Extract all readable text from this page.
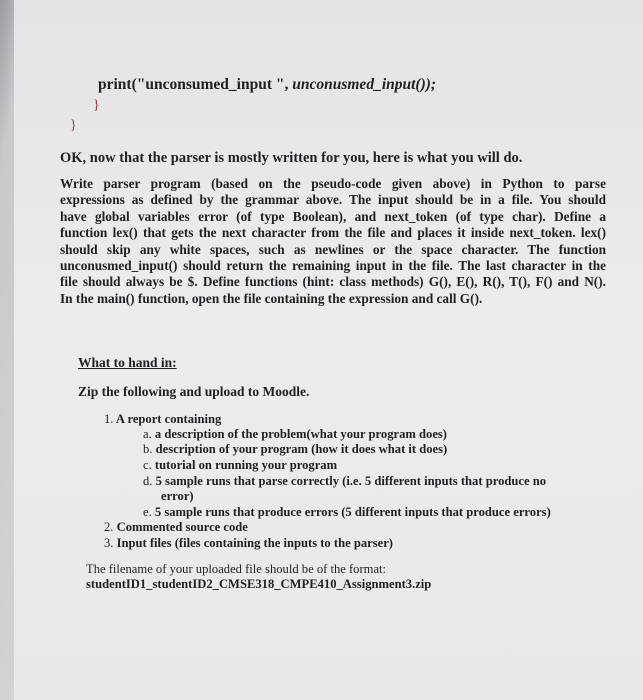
print("unconsumed_input ", unconusmed_input());
}
}
OK, now that the parser is mostly written for you, here is what you will do.
Write parser program (based on the pseudo-code given above) in Python to parse
expressions as defined by the grammar above. The input should be in a file. You should
have global variables error (of type Boolean), and next_token (of type char). Define a
function lex() that gets the next character from the file and places it inside next_token. lex()
should skip any white spaces, such as newlines or the space character. The function
unconusmed_input() should return the remaining input in the file. The last character in the
file should always be $. Define functions (hint: class methods) G(), E(), R(), T(), F() and N().
In the main() function, open the file containing the expression and call G().
What to hand in:
Zip the following and upload to Moodle.
1. A report containing
a. a description of the problem(what your program does)
b. description of your program (how it does what it does)
c. tutorial on running your program
d. 5 sample runs that parse correctly (i.e. 5 different inputs that produce no
error)
e. 5 sample runs that produce errors (5 different inputs that produce errors)
2. Commented source code
3. Input files (files containing the inputs to the parser)
The filename of your uploaded file should be of the format:
studentID1_studentID2_CMSE318_CMPE410_Assignment3.zip
